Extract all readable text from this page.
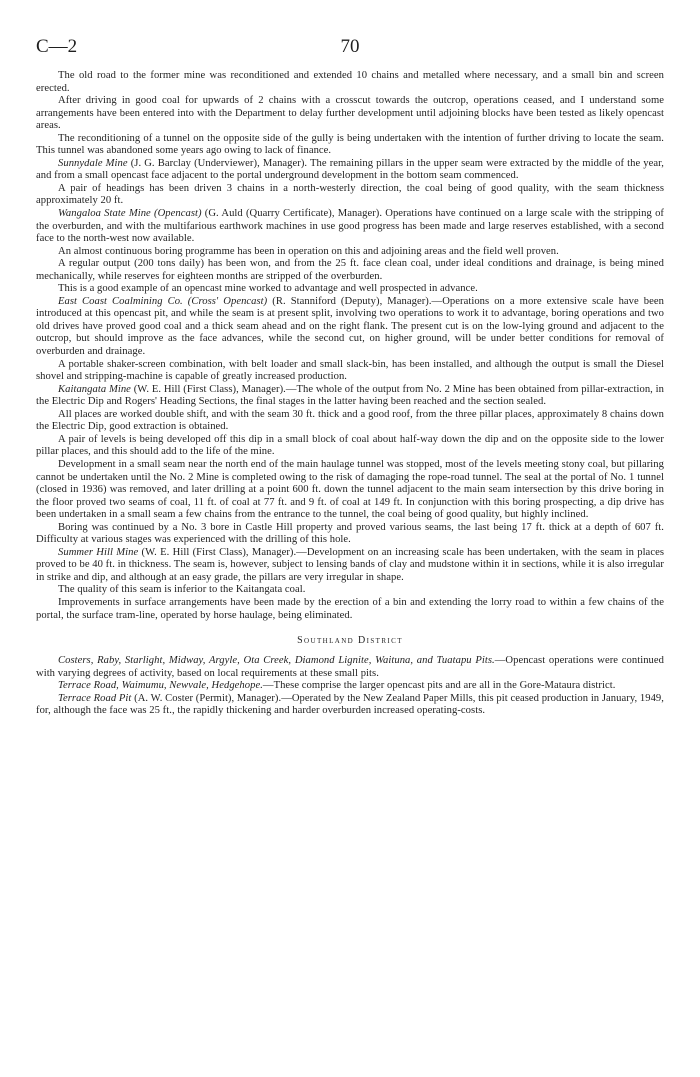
C—2	70

The old road to the former mine was reconditioned and extended 10 chains and metalled where necessary, and a small bin and screen erected.

After driving in good coal for upwards of 2 chains with a crosscut towards the outcrop, operations ceased, and I understand some arrangements have been entered into with the Department to delay further development until adjoining blocks have been tested as likely opencast areas.

The reconditioning of a tunnel on the opposite side of the gully is being undertaken with the intention of further driving to locate the seam. This tunnel was abandoned some years ago owing to lack of finance.

Sunnydale Mine (J. G. Barclay (Underviewer), Manager). The remaining pillars in the upper seam were extracted by the middle of the year, and from a small opencast face adjacent to the portal underground development in the bottom seam commenced.

A pair of headings has been driven 3 chains in a north-westerly direction, the coal being of good quality, with the seam thickness approximately 20 ft.

Wangaloa State Mine (Opencast) (G. Auld (Quarry Certificate), Manager). Operations have continued on a large scale with the stripping of the overburden, and with the multifarious earthwork machines in use good progress has been made and large reserves established, with a second face to the north-west now available.

An almost continuous boring programme has been in operation on this and adjoining areas and the field well proven.

A regular output (200 tons daily) has been won, and from the 25 ft. face clean coal, under ideal conditions and drainage, is being mined mechanically, while reserves for eighteen months are stripped of the overburden.

This is a good example of an opencast mine worked to advantage and well prospected in advance.

East Coast Coalmining Co. (Cross' Opencast) (R. Stanniford (Deputy), Manager).—Operations on a more extensive scale have been introduced at this opencast pit, and while the seam is at present split, involving two operations to work it to advantage, boring operations and two old drives have proved good coal and a thick seam ahead and on the right flank. The present cut is on the low-lying ground and adjacent to the outcrop, but should improve as the face advances, while the second cut, on higher ground, will be under better conditions for removal of overburden and drainage.

A portable shaker-screen combination, with belt loader and small slack-bin, has been installed, and although the output is small the Diesel shovel and stripping-machine is capable of greatly increased production.

Kaitangata Mine (W. E. Hill (First Class), Manager).—The whole of the output from No. 2 Mine has been obtained from pillar-extraction, in the Electric Dip and Rogers' Heading Sections, the final stages in the latter having been reached and the section sealed.

All places are worked double shift, and with the seam 30 ft. thick and a good roof, from the three pillar places, approximately 8 chains down the Electric Dip, good extraction is obtained.

A pair of levels is being developed off this dip in a small block of coal about half-way down the dip and on the opposite side to the lower pillar places, and this should add to the life of the mine.

Development in a small seam near the north end of the main haulage tunnel was stopped, most of the levels meeting stony coal, but pillaring cannot be undertaken until the No. 2 Mine is completed owing to the risk of damaging the rope-road tunnel. The seal at the portal of No. 1 tunnel (closed in 1936) was removed, and later drilling at a point 600 ft. down the tunnel adjacent to the main seam intersection by this drive boring in the floor proved two seams of coal, 11 ft. of coal at 77 ft. and 9 ft. of coal at 149 ft. In conjunction with this boring prospecting, a dip drive has been undertaken in a small seam a few chains from the entrance to the tunnel, the coal being of good quality, but highly inclined.

Boring was continued by a No. 3 bore in Castle Hill property and proved various seams, the last being 17 ft. thick at a depth of 607 ft. Difficulty at various stages was experienced with the drilling of this hole.

Summer Hill Mine (W. E. Hill (First Class), Manager).—Development on an increasing scale has been undertaken, with the seam in places proved to be 40 ft. in thickness. The seam is, however, subject to lensing bands of clay and mudstone within it in sections, while it is also irregular in strike and dip, and although at an easy grade, the pillars are very irregular in shape.

The quality of this seam is inferior to the Kaitangata coal.

Improvements in surface arrangements have been made by the erection of a bin and extending the lorry road to within a few chains of the portal, the surface tram-line, operated by horse haulage, being eliminated.

Southland District

Costers, Raby, Starlight, Midway, Argyle, Ota Creek, Diamond Lignite, Waituna, and Tuatapu Pits.—Opencast operations were continued with varying degrees of activity, based on local requirements at these small pits.

Terrace Road, Waimumu, Newvale, Hedgehope.—These comprise the larger opencast pits and are all in the Gore-Mataura district.

Terrace Road Pit (A. W. Coster (Permit), Manager).—Operated by the New Zealand Paper Mills, this pit ceased production in January, 1949, for, although the face was 25 ft., the rapidly thickening and harder overburden increased operating-costs.
